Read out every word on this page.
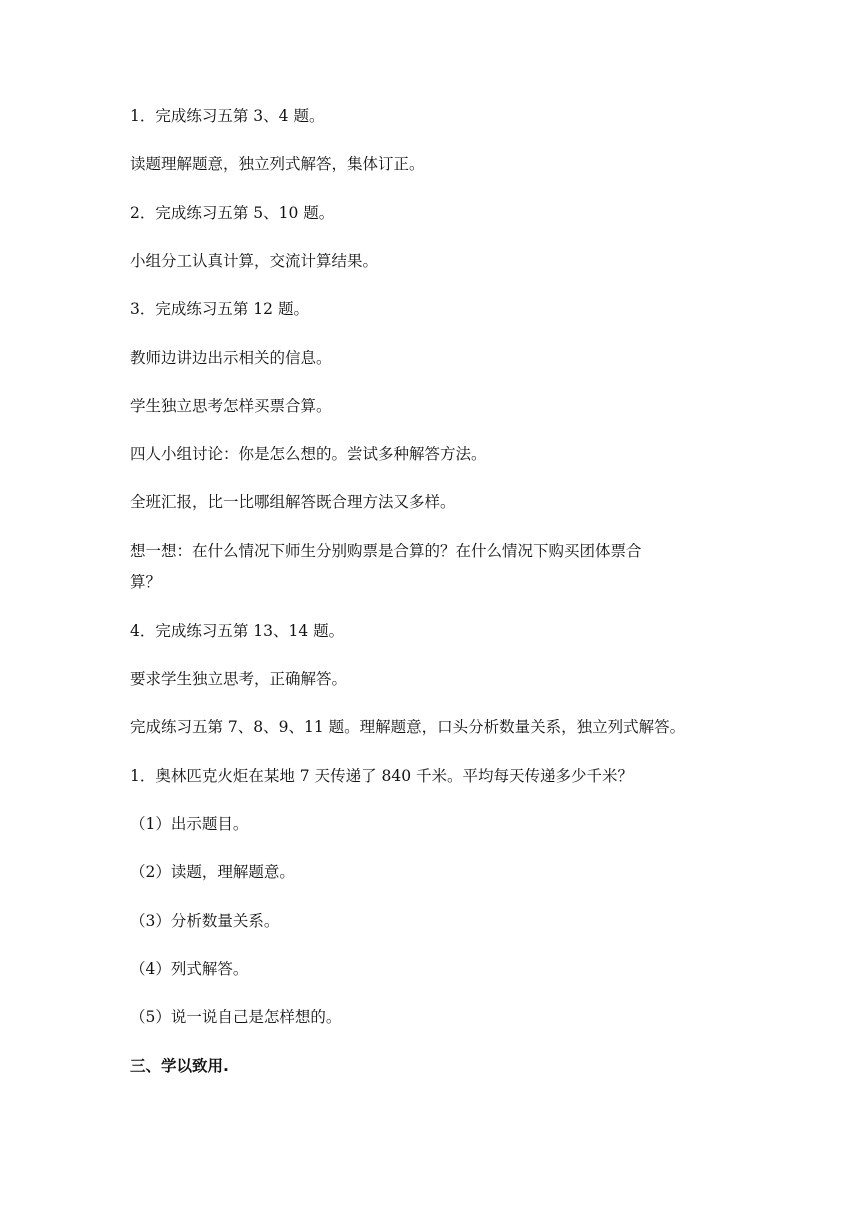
1．完成练习五第 3、4 题。
读题理解题意，独立列式解答，集体订正。
2．完成练习五第 5、10 题。
小组分工认真计算，交流计算结果。
3．完成练习五第 12 题。
教师边讲边出示相关的信息。
学生独立思考怎样买票合算。
四人小组讨论：你是怎么想的。尝试多种解答方法。
全班汇报，比一比哪组解答既合理方法又多样。
想一想：在什么情况下师生分别购票是合算的？在什么情况下购买团体票合
算？
4．完成练习五第 13、14 题。
要求学生独立思考，正确解答。
完成练习五第 7、8、9、11 题。理解题意，口头分析数量关系，独立列式解答。
1．奥林匹克火炬在某地 7 天传递了 840 千米。平均每天传递多少千米？
（1）出示题目。
（2）读题，理解题意。
（3）分析数量关系。
（4）列式解答。
（5）说一说自己是怎样想的。
三、学以致用.
